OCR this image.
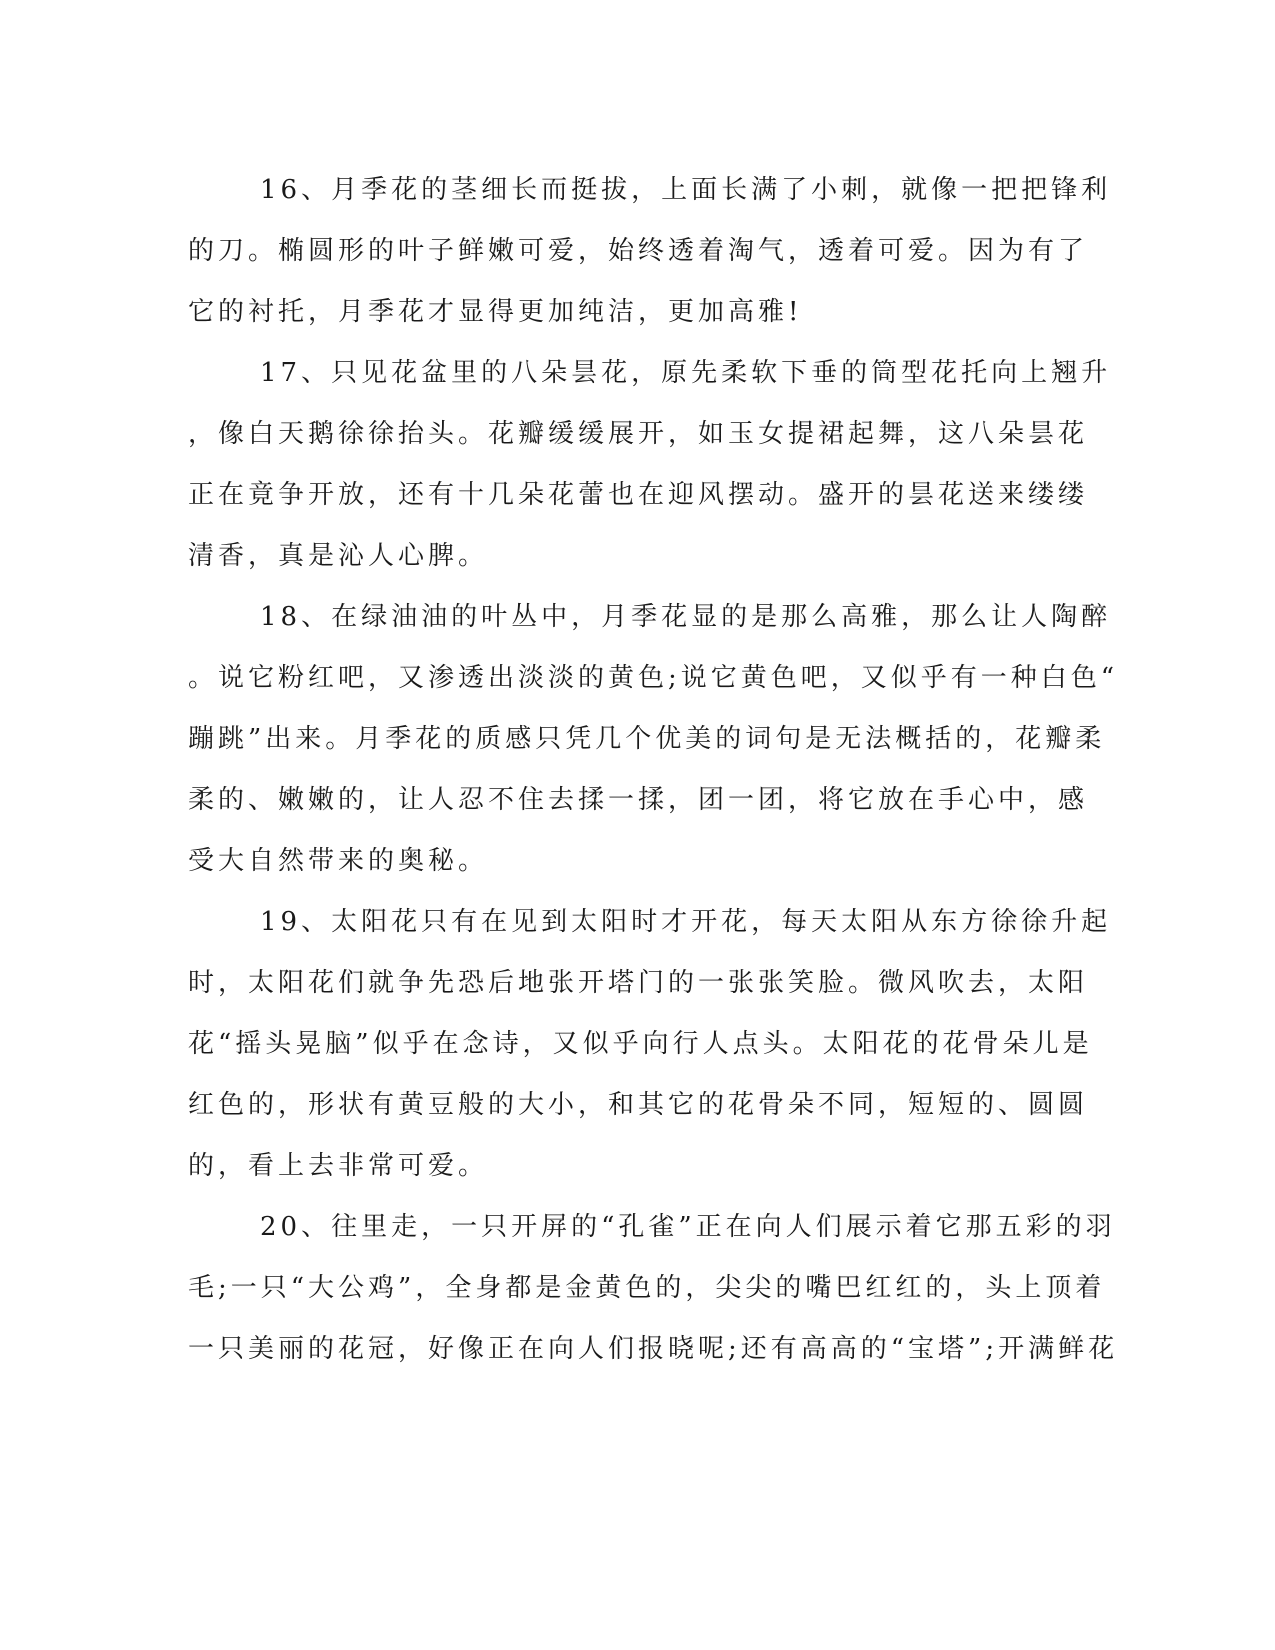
16、月季花的茎细长而挺拔，上面长满了小刺，就像一把把锋利
的刀。椭圆形的叶子鲜嫩可爱，始终透着淘气，透着可爱。因为有了
它的衬托，月季花才显得更加纯洁，更加高雅!
17、只见花盆里的八朵昙花，原先柔软下垂的筒型花托向上翘升
，像白天鹅徐徐抬头。花瓣缓缓展开，如玉女提裙起舞，这八朵昙花
正在竟争开放，还有十几朵花蕾也在迎风摆动。盛开的昙花送来缕缕
清香，真是沁人心脾。
18、在绿油油的叶丛中，月季花显的是那么高雅，那么让人陶醉
。说它粉红吧，又渗透出淡淡的黄色;说它黄色吧，又似乎有一种白色“
蹦跳”出来。月季花的质感只凭几个优美的词句是无法概括的，花瓣柔
柔的、嫩嫩的，让人忍不住去揉一揉，团一团，将它放在手心中，感
受大自然带来的奥秘。
19、太阳花只有在见到太阳时才开花，每天太阳从东方徐徐升起
时，太阳花们就争先恐后地张开塔门的一张张笑脸。微风吹去，太阳
花“摇头晃脑”似乎在念诗，又似乎向行人点头。太阳花的花骨朵儿是
红色的，形状有黄豆般的大小，和其它的花骨朵不同，短短的、圆圆
的，看上去非常可爱。
20、往里走，一只开屏的“孔雀”正在向人们展示着它那五彩的羽
毛;一只“大公鸡”，全身都是金黄色的，尖尖的嘴巴红红的，头上顶着
一只美丽的花冠，好像正在向人们报晓呢;还有高高的“宝塔”;开满鲜花
